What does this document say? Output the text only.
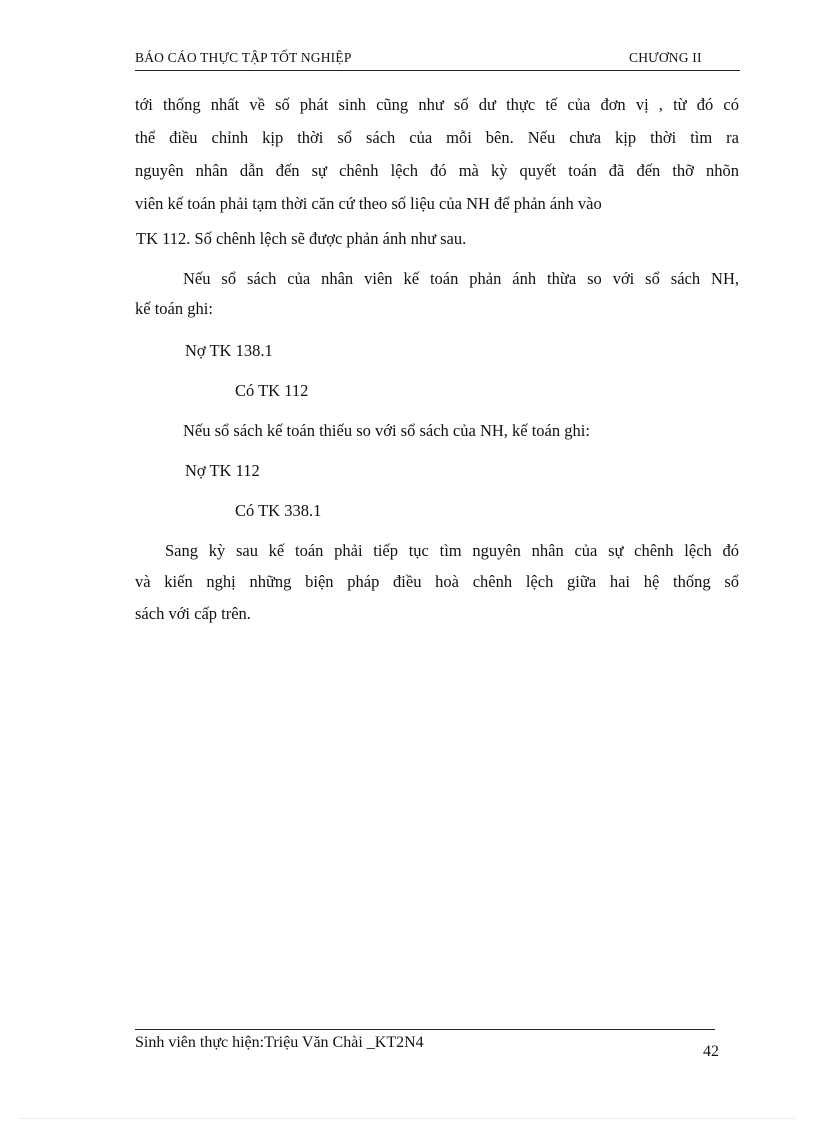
BÁO CÁO THỰC TẬP TỐT NGHIỆP	CHƯƠNG II
tới thống nhất về số phát sinh cũng như số dư thực tế của đơn vị , từ đó có
thể điều chỉnh kịp thời sổ sách của mỗi bên. Nếu chưa kịp thời tìm ra
nguyên nhân dẫn đến sự chênh lệch đó mà kỳ quyết toán đã đến thỡ nhõn
viên kế toán phải tạm thời căn cứ theo số liệu của NH để phản ánh vào
TK 112. Số chênh lệch sẽ được phản ánh như sau.
Nếu sổ sách của nhân viên kế toán phản ánh thừa so với sổ sách NH,
kế toán ghi:
Nợ TK 138.1
Có TK 112
Nếu sổ sách kế toán thiếu so với sổ sách của NH, kế toán ghi:
Nợ TK 112
Có TK 338.1
Sang kỳ sau kế toán phải tiếp tục tìm nguyên nhân của sự chênh lệch đó
và kiến nghị những biện pháp điều hoà chênh lệch giữa hai hệ thống sổ
sách với cấp trên.
Sinh viên thực hiện:Triệu Văn Chài _KT2N4
42
